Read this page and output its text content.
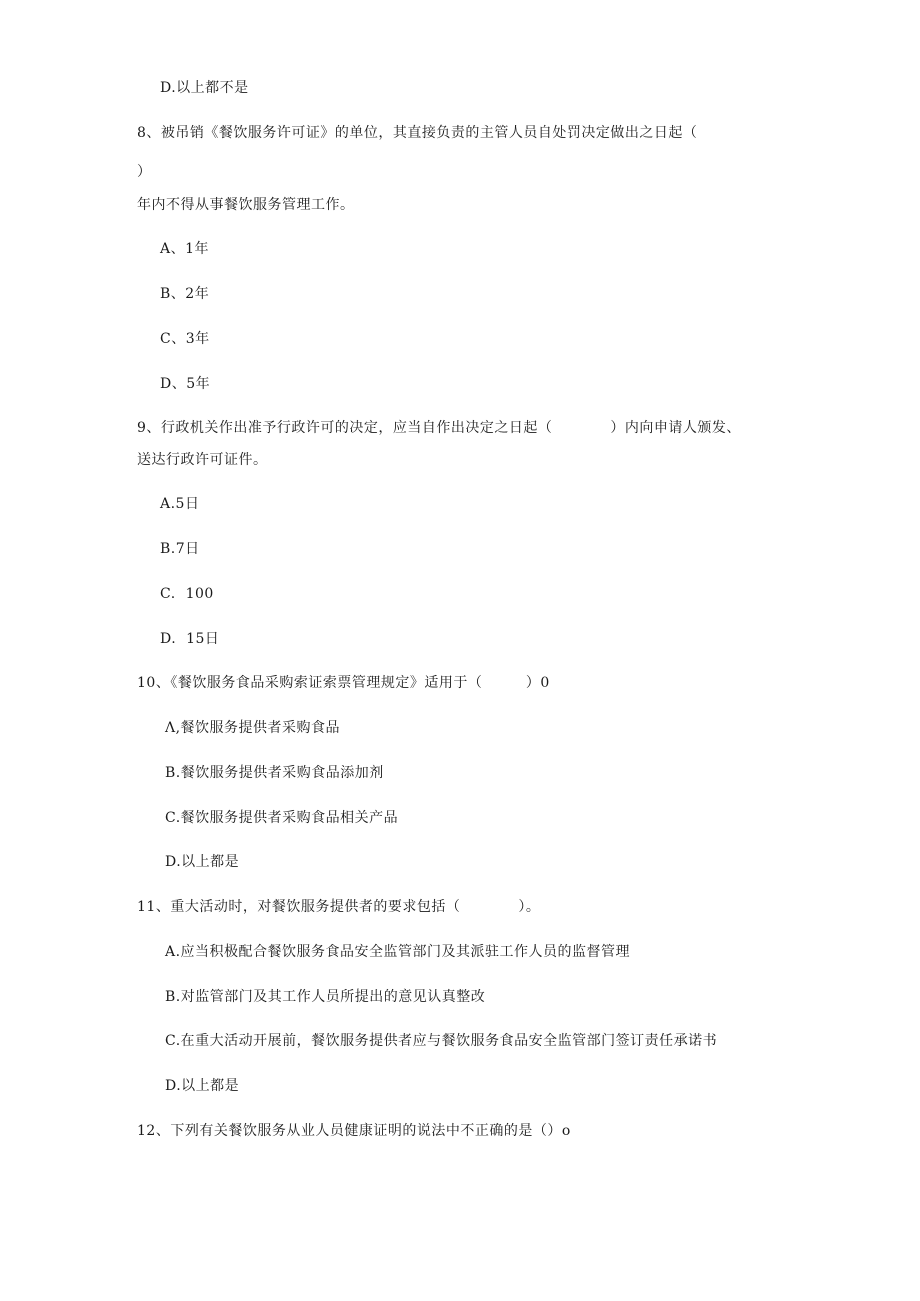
D.以上都不是
8、被吊销《餐饮服务许可证》的单位，其直接负责的主管人员自处罚决定做出之日起（
）
年内不得从事餐饮服务管理工作。
A、1年
B、2年
C、3年
D、5年
9、行政机关作出准予行政许可的决定，应当自作出决定之日起（　　　　）内向申请人颁发、
送达行政许可证件。
A.5日
B.7日
C.  100
D.  15日
10、《餐饮服务食品采购索证索票管理规定》适用于（　　　）0
Λ,餐饮服务提供者采购食品
B.餐饮服务提供者采购食品添加剂
C.餐饮服务提供者采购食品相关产品
D.以上都是
11、重大活动时，对餐饮服务提供者的要求包括（　　　　）。
A.应当积极配合餐饮服务食品安全监管部门及其派驻工作人员的监督管理
B.对监管部门及其工作人员所提出的意见认真整改
C.在重大活动开展前，餐饮服务提供者应与餐饮服务食品安全监管部门签订责任承诺书
D.以上都是
12、下列有关餐饮服务从业人员健康证明的说法中不正确的是（）o
